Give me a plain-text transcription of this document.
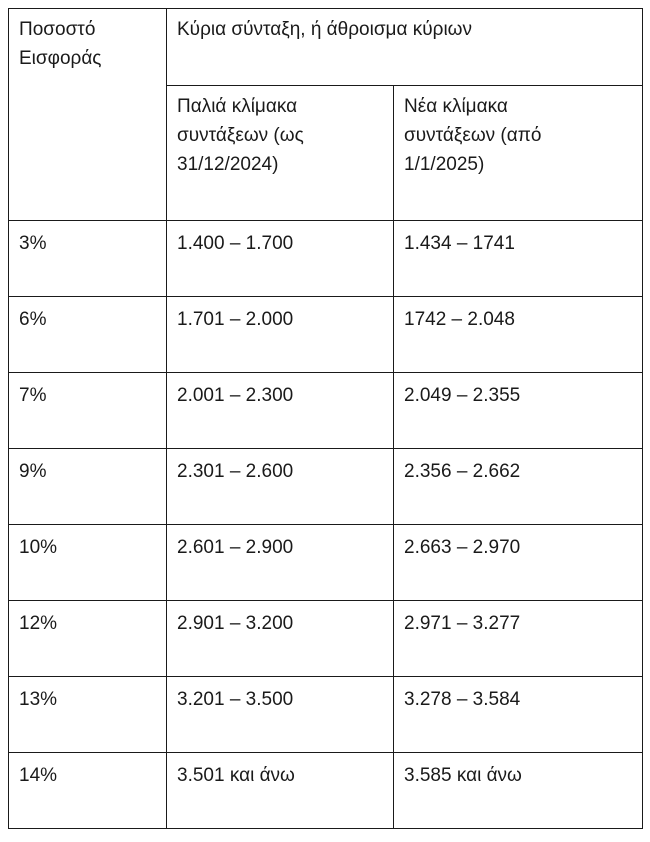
Ποσοστό Εισφοράς	Κύρια σύνταξη, ή άθροισμα κύριων	

	Παλιά κλίμακα συντάξεων (ως 31/12/2024)	Νέα κλίμακα συντάξεων (από 1/1/2025)

3%	1.400 – 1.700	1.434 – 1741
6%	1.701 – 2.000	1742 – 2.048
7%	2.001 – 2.300	2.049 – 2.355
9%	2.301 – 2.600	2.356 – 2.662
10%	2.601 – 2.900	2.663 – 2.970
12%	2.901 – 3.200	2.971 – 3.277
13%	3.201 – 3.500	3.278 – 3.584
14%	3.501 και άνω	3.585 και άνω
